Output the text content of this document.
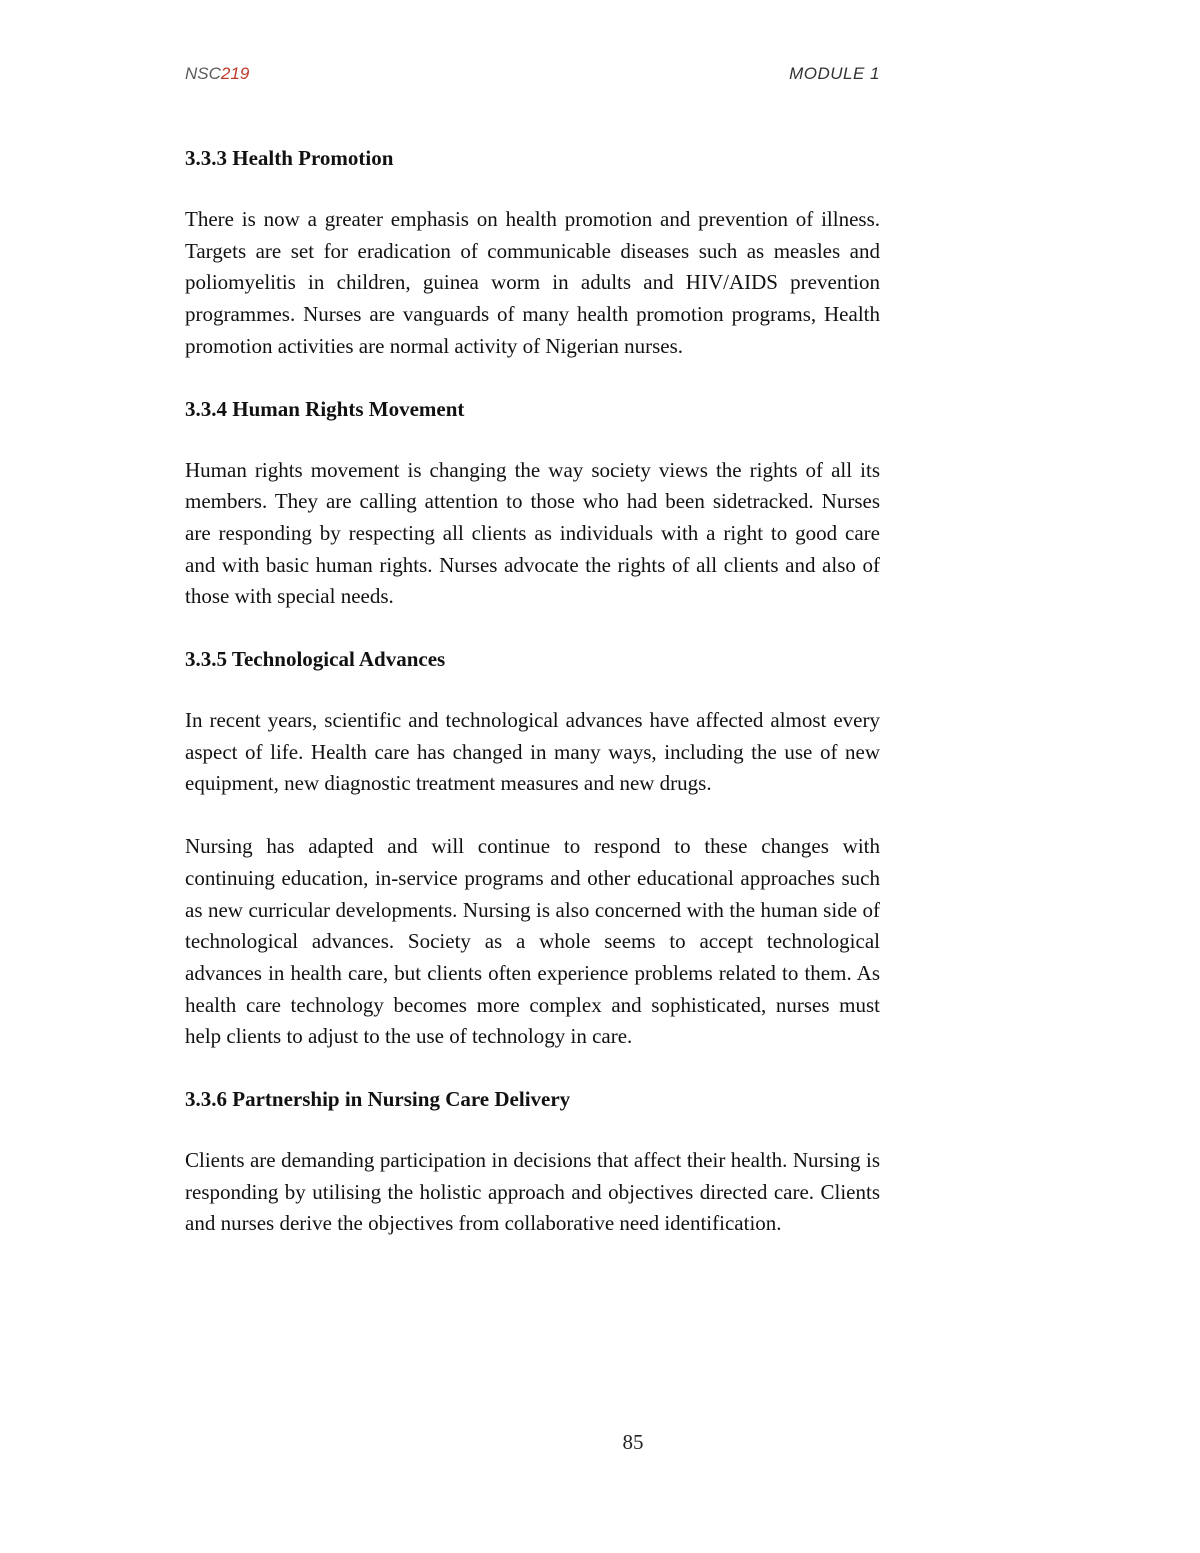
NSC219	MODULE 1
3.3.3 Health Promotion

There is now a greater emphasis on health promotion and prevention of illness. Targets are set for eradication of communicable diseases such as measles and poliomyelitis in children, guinea worm in adults and HIV/AIDS prevention programmes. Nurses are vanguards of many health promotion programs, Health promotion activities are normal activity of Nigerian nurses.

3.3.4 Human Rights Movement

Human rights movement is changing the way society views the rights of all its members. They are calling attention to those who had been sidetracked. Nurses are responding by respecting all clients as individuals with a right to good care and with basic human rights. Nurses advocate the rights of all clients and also of those with special needs.

3.3.5 Technological Advances

In recent years, scientific and technological advances have affected almost every aspect of life. Health care has changed in many ways, including the use of new equipment, new diagnostic treatment measures and new drugs.

Nursing has adapted and will continue to respond to these changes with continuing education, in-service programs and other educational approaches such as new curricular developments. Nursing is also concerned with the human side of technological advances. Society as a whole seems to accept technological advances in health care, but clients often experience problems related to them. As health care technology becomes more complex and sophisticated, nurses must help clients to adjust to the use of technology in care.

3.3.6 Partnership in Nursing Care Delivery

Clients are demanding participation in decisions that affect their health. Nursing is responding by utilising the holistic approach and objectives directed care. Clients and nurses derive the objectives from collaborative need identification.

85
